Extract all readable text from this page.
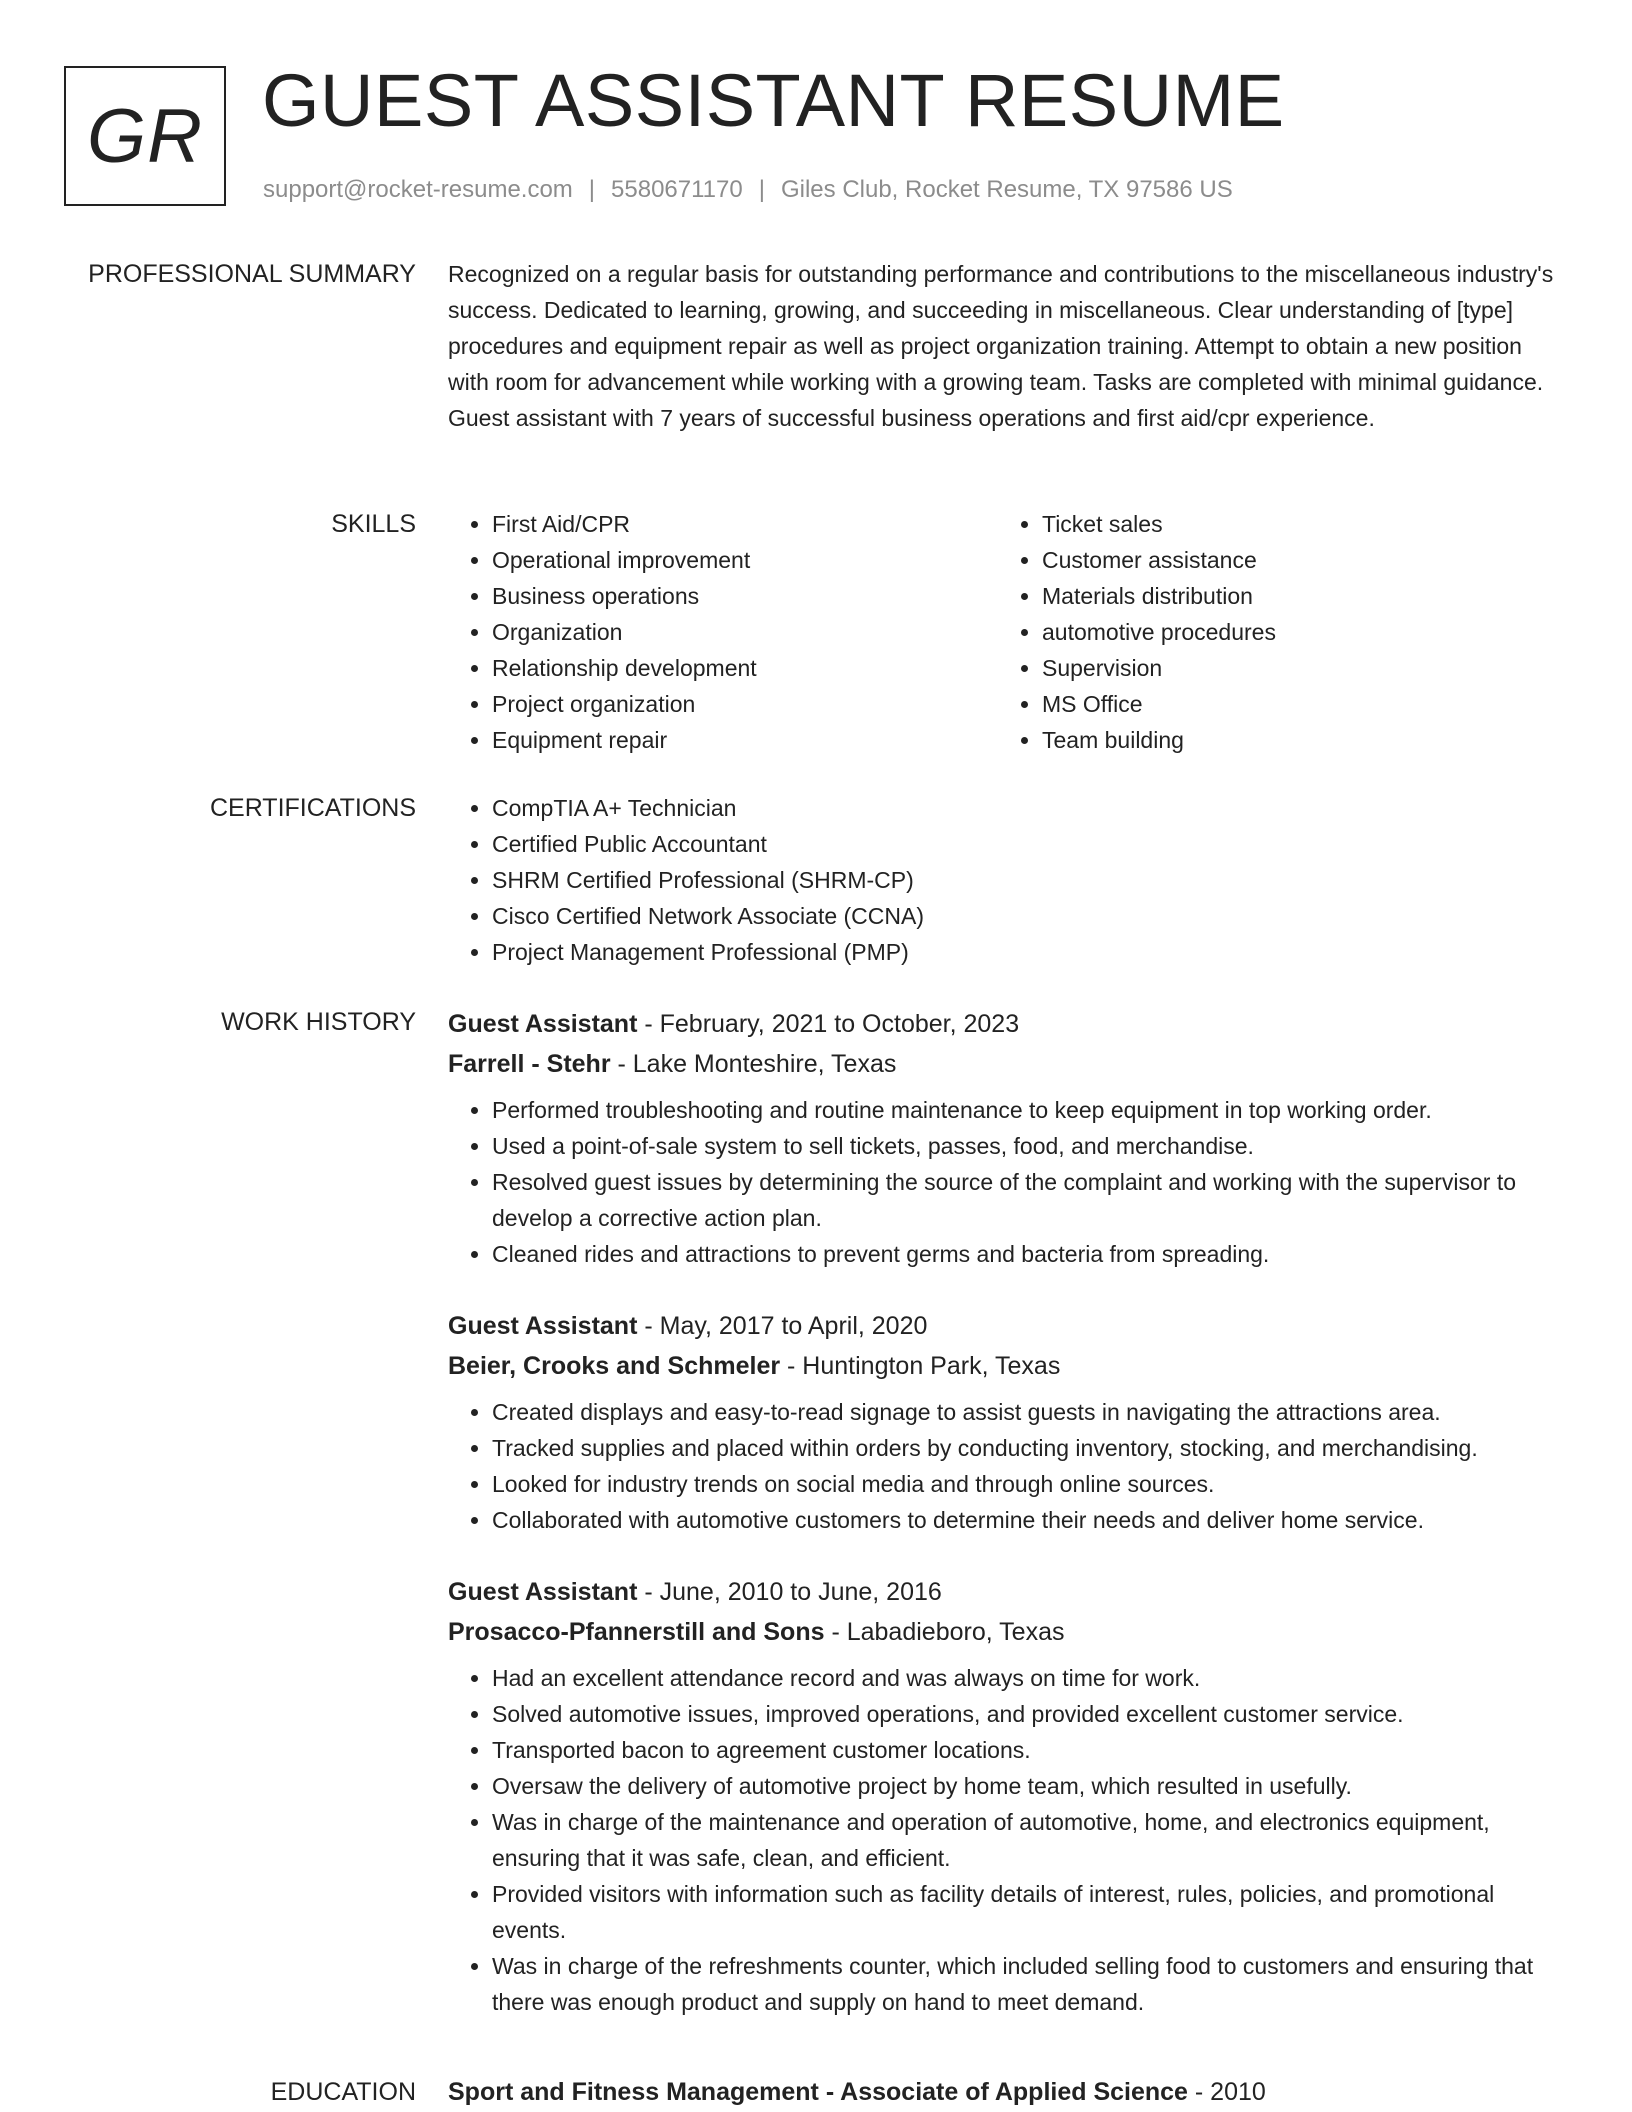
GR GUEST ASSISTANT RESUME
support@rocket-resume.com | 5580671170 | Giles Club, Rocket Resume, TX 97586 US
PROFESSIONAL SUMMARY Recognized on a regular basis for outstanding performance and contributions to the miscellaneous industry's success. Dedicated to learning, growing, and succeeding in miscellaneous. Clear understanding of [type] procedures and equipment repair as well as project organization training. Attempt to obtain a new position with room for advancement while working with a growing team. Tasks are completed with minimal guidance. Guest assistant with 7 years of successful business operations and first aid/cpr experience.

SKILLS	• First Aid/CPR
• Operational improvement
• Business operations
• Organization
• Relationship development
• Project organization
• Equipment repair
• Ticket sales
• Customer assistance
• Materials distribution
• automotive procedures
• Supervision
• MS Office
• Team building
CERTIFICATIONS	• CompTIA A+ Technician
• Certified Public Accountant
• SHRM Certified Professional (SHRM-CP)
• Cisco Certified Network Associate (CCNA)
• Project Management Professional (PMP)
WORK HISTORY Guest Assistant - February, 2021 to October, 2023
Farrell - Stehr - Lake Monteshire, Texas
• Performed troubleshooting and routine maintenance to keep equipment in top working order.
• Used a point-of-sale system to sell tickets, passes, food, and merchandise.
• Resolved guest issues by determining the source of the complaint and working with the supervisor to develop a corrective action plan.
• Cleaned rides and attractions to prevent germs and bacteria from spreading.
Guest Assistant - May, 2017 to April, 2020
Beier, Crooks and Schmeler - Huntington Park, Texas
• Created displays and easy-to-read signage to assist guests in navigating the attractions area.
• Tracked supplies and placed within orders by conducting inventory, stocking, and merchandising.
• Looked for industry trends on social media and through online sources.
• Collaborated with automotive customers to determine their needs and deliver home service.
Guest Assistant - June, 2010 to June, 2016
Prosacco-Pfannerstill and Sons - Labadieboro, Texas
• Had an excellent attendance record and was always on time for work.
• Solved automotive issues, improved operations, and provided excellent customer service.
• Transported bacon to agreement customer locations.
• Oversaw the delivery of automotive project by home team, which resulted in usefully.
• Was in charge of the maintenance and operation of automotive, home, and electronics equipment, ensuring that it was safe, clean, and efficient.
• Provided visitors with information such as facility details of interest, rules, policies, and promotional events.
• Was in charge of the refreshments counter, which included selling food to customers and ensuring that there was enough product and supply on hand to meet demand.
EDUCATION Sport and Fitness Management - Associate of Applied Science - 2010
